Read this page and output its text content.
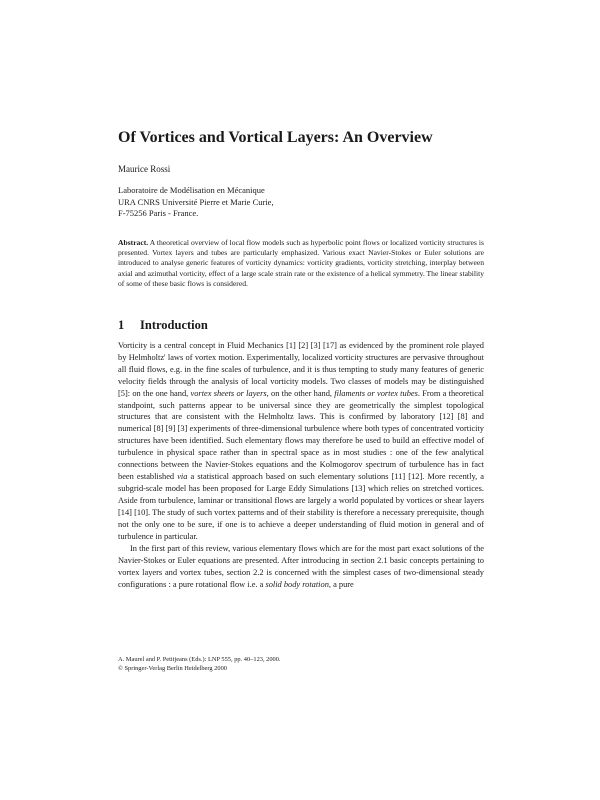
Of Vortices and Vortical Layers: An Overview
Maurice Rossi
Laboratoire de Modélisation en Mécanique
URA CNRS Université Pierre et Marie Curie,
F-75256 Paris - France.
Abstract. A theoretical overview of local flow models such as hyperbolic point flows or localized vorticity structures is presented. Vortex layers and tubes are particularly emphasized. Various exact Navier-Stokes or Euler solutions are introduced to analyse generic features of vorticity dynamics: vorticity gradients, vorticity stretching, interplay between axial and azimuthal vorticity, effect of a large scale strain rate or the existence of a helical symmetry. The linear stability of some of these basic flows is considered.
1 Introduction

Vorticity is a central concept in Fluid Mechanics [1] [2] [3] [17] as evidenced by the prominent role played by Helmholtz' laws of vortex motion. Experimentally, localized vorticity structures are pervasive throughout all fluid flows, e.g. in the fine scales of turbulence, and it is thus tempting to study many features of generic velocity fields through the analysis of local vorticity models. Two classes of models may be distinguished [5]: on the one hand, vortex sheets or layers, on the other hand, filaments or vortex tubes. From a theoretical standpoint, such patterns appear to be universal since they are geometrically the simplest topological structures that are consistent with the Helmholtz laws. This is confirmed by laboratory [12] [8] and numerical [8] [9] [3] experiments of three-dimensional turbulence where both types of concentrated vorticity structures have been identified. Such elementary flows may therefore be used to build an effective model of turbulence in physical space rather than in spectral space as in most studies : one of the few analytical connections between the Navier-Stokes equations and the Kolmogorov spectrum of turbulence has in fact been established via a statistical approach based on such elementary solutions [11] [12]. More recently, a subgrid-scale model has been proposed for Large Eddy Simulations [13] which relies on stretched vortices. Aside from turbulence, laminar or transitional flows are largely a world populated by vortices or shear layers [14] [10]. The study of such vortex patterns and of their stability is therefore a necessary prerequisite, though not the only one to be sure, if one is to achieve a deeper understanding of fluid motion in general and of turbulence in particular.

In the first part of this review, various elementary flows which are for the most part exact solutions of the Navier-Stokes or Euler equations are presented. After introducing in section 2.1 basic concepts pertaining to vortex layers and vortex tubes, section 2.2 is concerned with the simplest cases of two-dimensional steady configurations : a pure rotational flow i.e. a solid body rotation, a pure

A. Maurel and P. Petitjeans (Eds.): LNP 555, pp. 40–123, 2000.
© Springer-Verlag Berlin Heidelberg 2000
